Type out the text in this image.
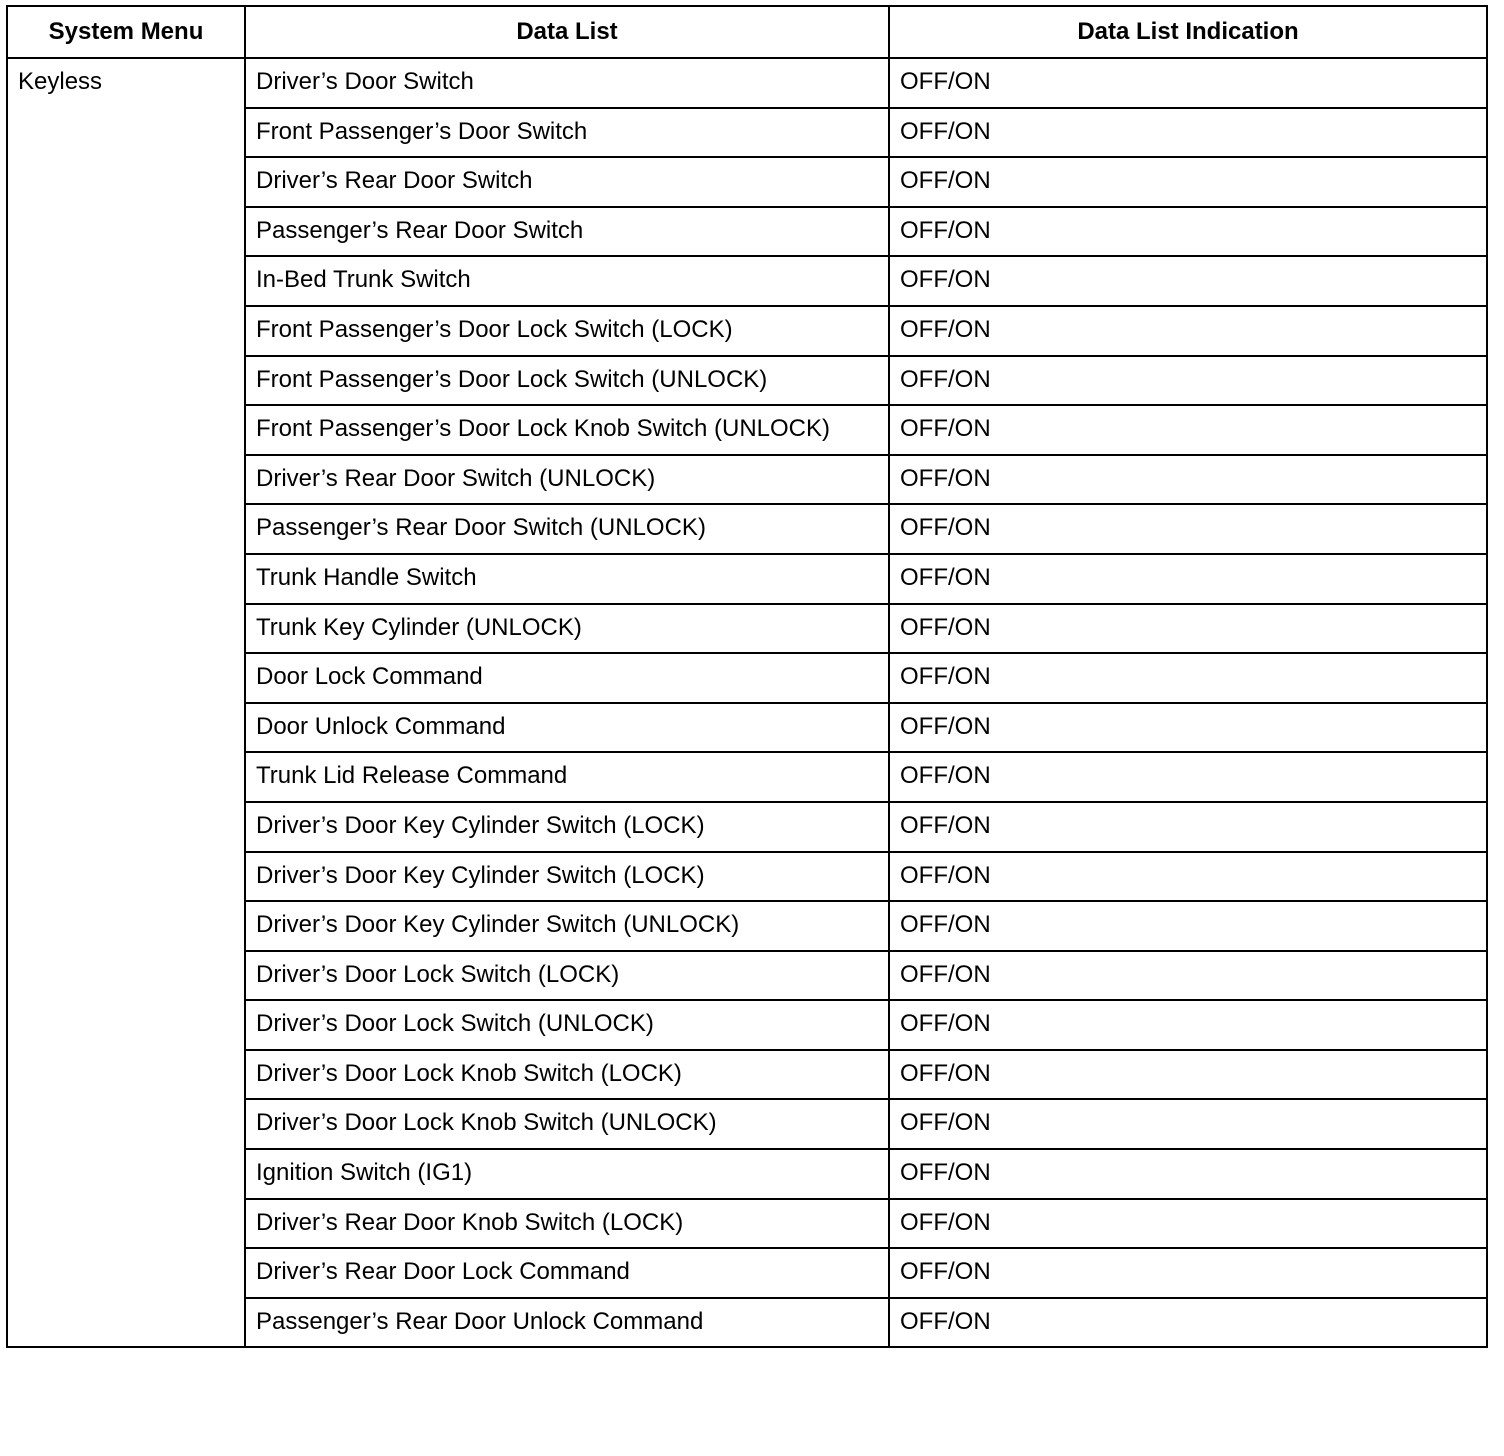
System Menu	Data List	Data List Indication
Keyless	Driver’s Door Switch	OFF/ON
	Front Passenger’s Door Switch	OFF/ON
	Driver’s Rear Door Switch	OFF/ON
	Passenger’s Rear Door Switch	OFF/ON
	In-Bed Trunk Switch	OFF/ON
	Front Passenger’s Door Lock Switch (LOCK)	OFF/ON
	Front Passenger’s Door Lock Switch (UNLOCK)	OFF/ON
	Front Passenger’s Door Lock Knob Switch (UNLOCK)	OFF/ON
	Driver’s Rear Door Switch (UNLOCK)	OFF/ON
	Passenger’s Rear Door Switch (UNLOCK)	OFF/ON
	Trunk Handle Switch	OFF/ON
	Trunk Key Cylinder (UNLOCK)	OFF/ON
	Door Lock Command	OFF/ON
	Door Unlock Command	OFF/ON
	Trunk Lid Release Command	OFF/ON
	Driver’s Door Key Cylinder Switch (LOCK)	OFF/ON
	Driver’s Door Key Cylinder Switch (LOCK)	OFF/ON
	Driver’s Door Key Cylinder Switch (UNLOCK)	OFF/ON
	Driver’s Door Lock Switch (LOCK)	OFF/ON
	Driver’s Door Lock Switch (UNLOCK)	OFF/ON
	Driver’s Door Lock Knob Switch (LOCK)	OFF/ON
	Driver’s Door Lock Knob Switch (UNLOCK)	OFF/ON
	Ignition Switch (IG1)	OFF/ON
	Driver’s Rear Door Knob Switch (LOCK)	OFF/ON
	Driver’s Rear Door Lock Command	OFF/ON
	Passenger’s Rear Door Unlock Command	OFF/ON
